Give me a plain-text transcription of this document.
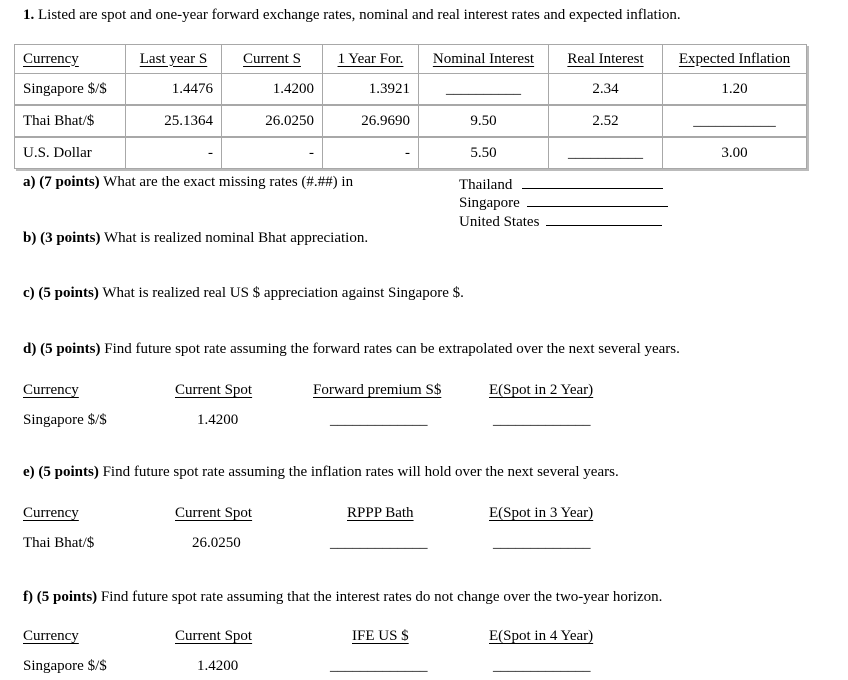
1. Listed are spot and one-year forward exchange rates, nominal and real interest rates and expected inflation.
Currency	Last year S	Current S	1 Year For.	Nominal Interest	Real Interest	Expected Inflation
Singapore $/$	1.4476	1.4200	1.3921	__________	2.34	1.20
Thai Bhat/$	25.1364	26.0250	26.9690	9.50	2.52	___________
U.S. Dollar	-	-	-	5.50	__________	3.00
a) (7 points) What are the exact missing rates (#.##) in	Thailand
Singapore
United States
b) (3 points) What is realized nominal Bhat appreciation.
c) (5 points) What is realized real US $ appreciation against Singapore $.
d) (5 points) Find future spot rate assuming the forward rates can be extrapolated over the next several years.
Currency	Current Spot	Forward premium S$	E(Spot in 2 Year)
Singapore $/$	1.4200	_____________	_____________
e) (5 points) Find future spot rate assuming the inflation rates will hold over the next several years.
Currency	Current Spot	RPPP Bath	E(Spot in 3 Year)
Thai Bhat/$	26.0250	_____________	_____________
f) (5 points) Find future spot rate assuming that the interest rates do not change over the two-year horizon.
Currency	Current Spot	IFE US $	E(Spot in 4 Year)
Singapore $/$	1.4200	_____________	_____________
